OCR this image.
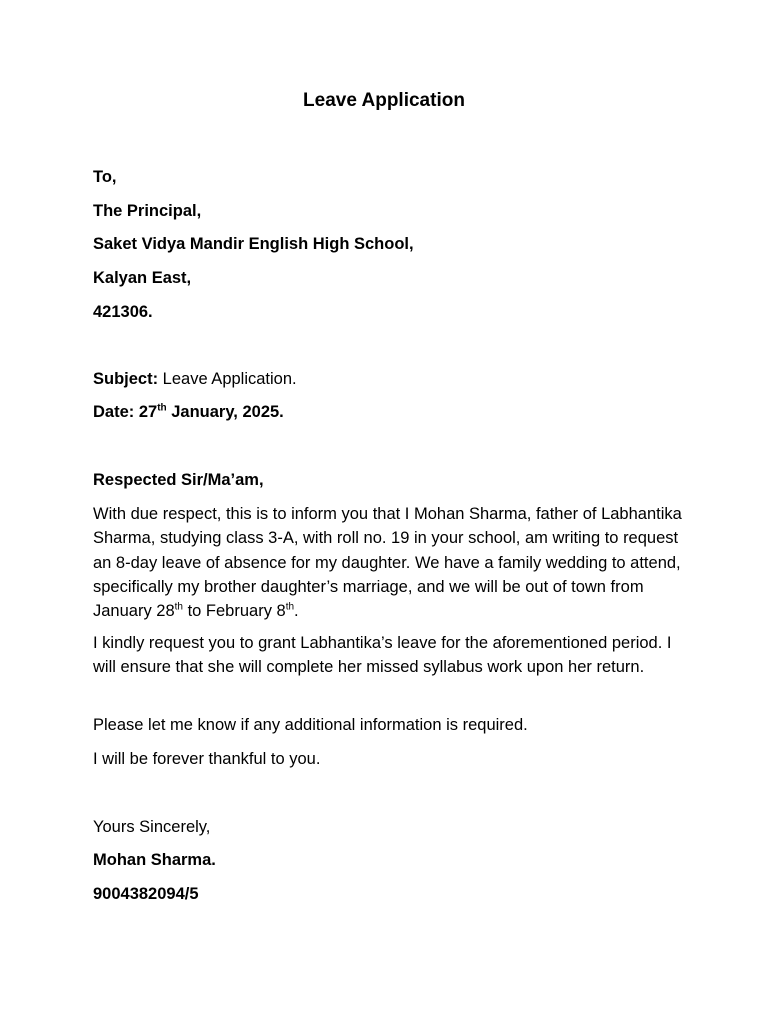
Leave Application
To,
The Principal,
Saket Vidya Mandir English High School,
Kalyan East,
421306.
Subject: Leave Application.
Date: 27th January, 2025.
Respected Sir/Ma’am,
With due respect, this is to inform you that I Mohan Sharma, father of Labhantika Sharma, studying class 3-A, with roll no. 19 in your school, am writing to request an 8-day leave of absence for my daughter. We have a family wedding to attend, specifically my brother daughter’s marriage, and we will be out of town from January 28th to February 8th.
I kindly request you to grant Labhantika’s leave for the aforementioned period. I will ensure that she will complete her missed syllabus work upon her return.
Please let me know if any additional information is required.
I will be forever thankful to you.
Yours Sincerely,
Mohan Sharma.
9004382094/5
